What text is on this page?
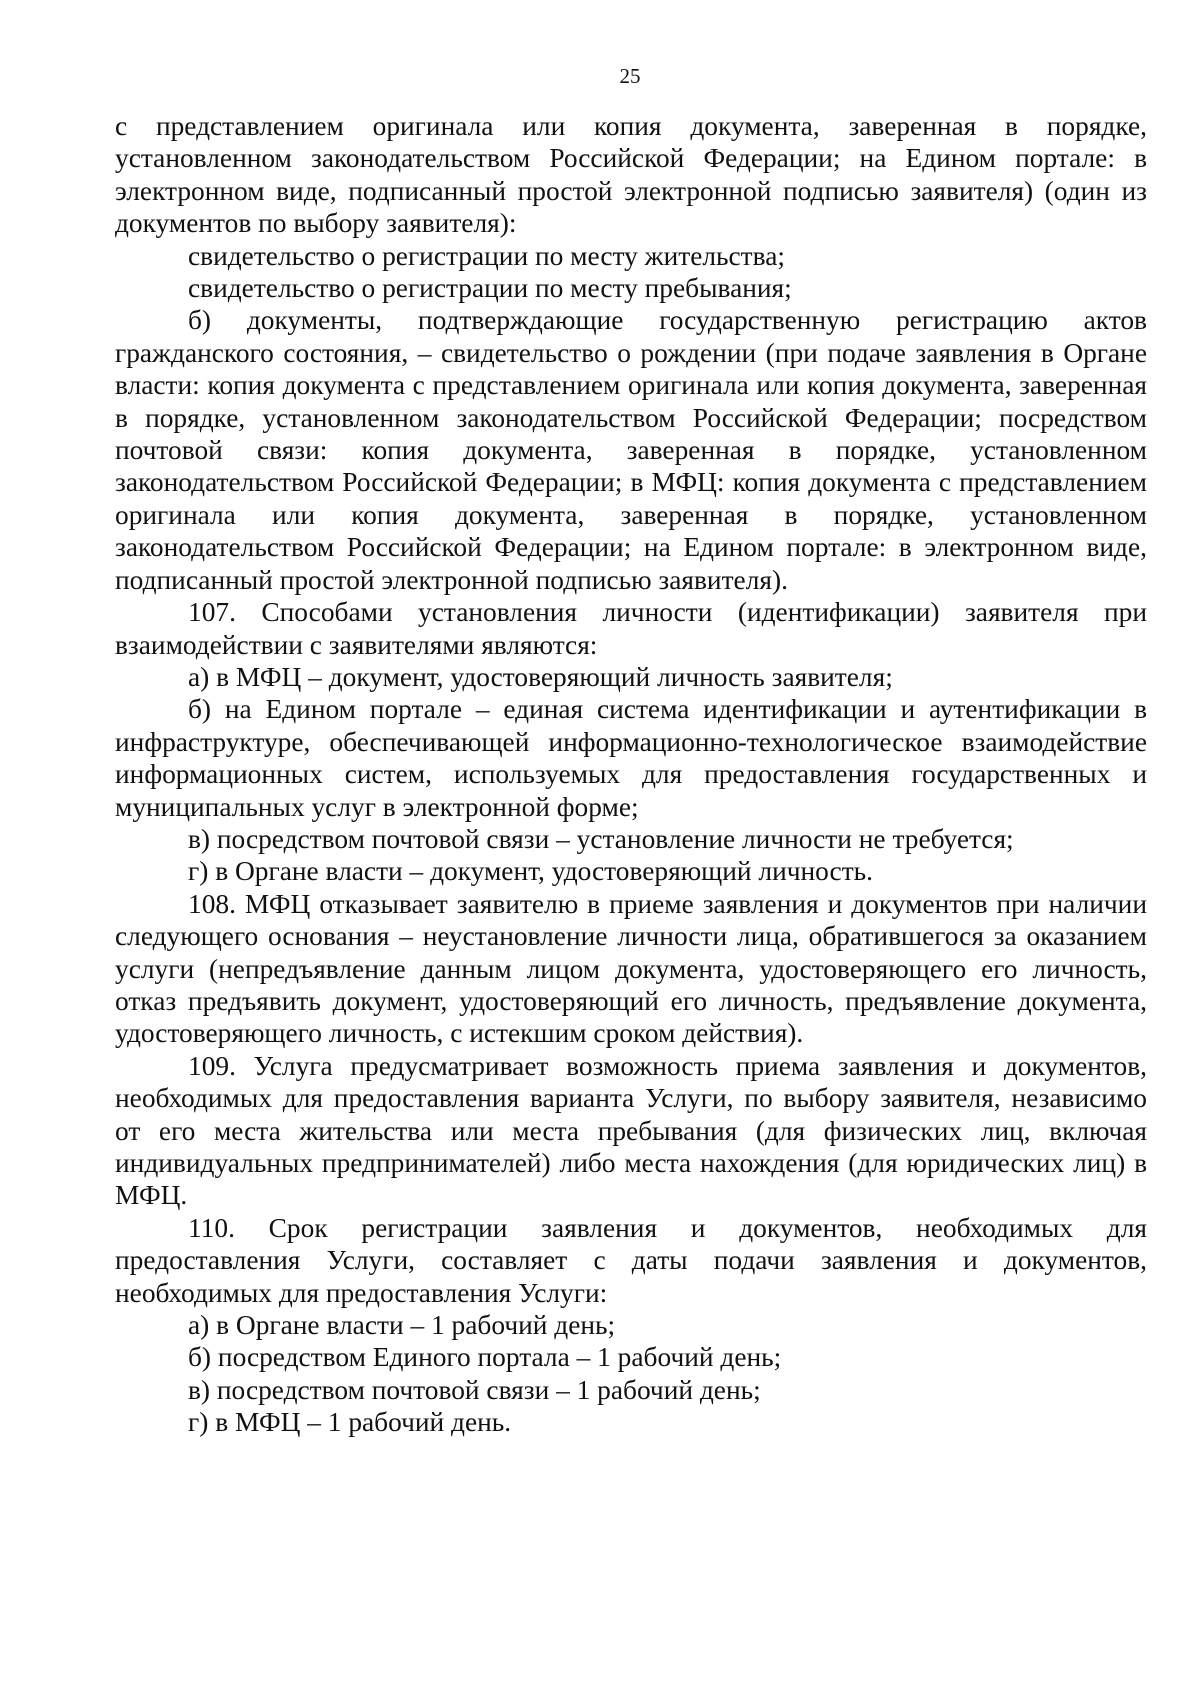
25

с представлением оригинала или копия документа, заверенная в порядке, установленном законодательством Российской Федерации; на Едином портале: в электронном виде, подписанный простой электронной подписью заявителя) (один из документов по выбору заявителя):

свидетельство о регистрации по месту жительства;

свидетельство о регистрации по месту пребывания;

б) документы, подтверждающие государственную регистрацию актов гражданского состояния, – свидетельство о рождении (при подаче заявления в Органе власти: копия документа с представлением оригинала или копия документа, заверенная в порядке, установленном законодательством Российской Федерации; посредством почтовой связи: копия документа, заверенная в порядке, установленном законодательством Российской Федерации; в МФЦ: копия документа с представлением оригинала или копия документа, заверенная в порядке, установленном законодательством Российской Федерации; на Едином портале: в электронном виде, подписанный простой электронной подписью заявителя).

107. Способами установления личности (идентификации) заявителя при взаимодействии с заявителями являются:

а) в МФЦ – документ, удостоверяющий личность заявителя;

б) на Едином портале – единая система идентификации и аутентификации в инфраструктуре, обеспечивающей информационно-технологическое взаимодействие информационных систем, используемых для предоставления государственных и муниципальных услуг в электронной форме;

в) посредством почтовой связи – установление личности не требуется;

г) в Органе власти – документ, удостоверяющий личность.

108. МФЦ отказывает заявителю в приеме заявления и документов при наличии следующего основания – неустановление личности лица, обратившегося за оказанием услуги (непредъявление данным лицом документа, удостоверяющего его личность, отказ предъявить документ, удостоверяющий его личность, предъявление документа, удостоверяющего личность, с истекшим сроком действия).

109. Услуга предусматривает возможность приема заявления и документов, необходимых для предоставления варианта Услуги, по выбору заявителя, независимо от его места жительства или места пребывания (для физических лиц, включая индивидуальных предпринимателей) либо места нахождения (для юридических лиц) в МФЦ.

110. Срок регистрации заявления и документов, необходимых для предоставления Услуги, составляет с даты подачи заявления и документов, необходимых для предоставления Услуги:

а) в Органе власти – 1 рабочий день;

б) посредством Единого портала – 1 рабочий день;

в) посредством почтовой связи – 1 рабочий день;

г) в МФЦ – 1 рабочий день.
